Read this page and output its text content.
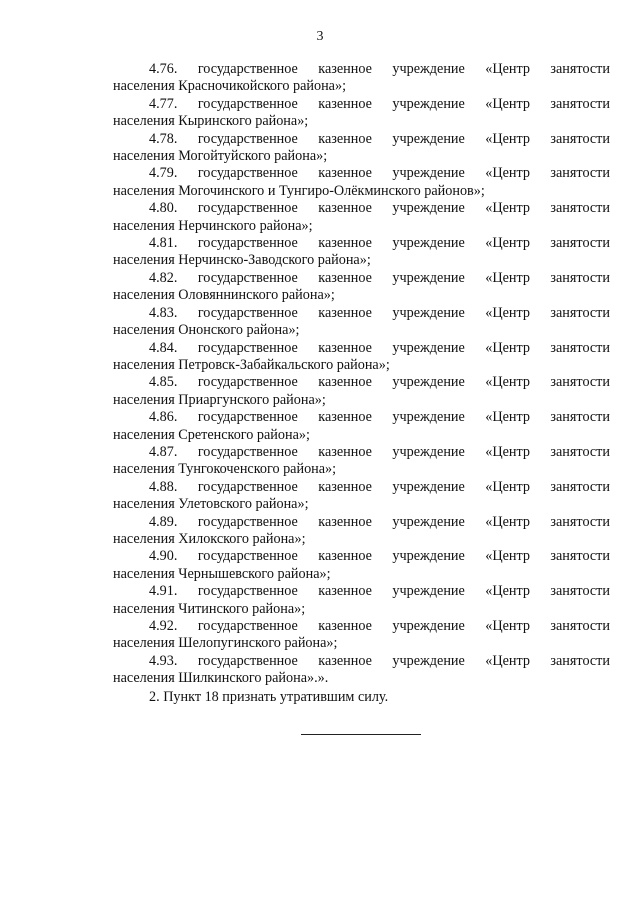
3
4.76. государственное казенное учреждение «Центр занятости
населения Красночикойского района»;
4.77. государственное казенное учреждение «Центр занятости
населения Кыринского района»;
4.78. государственное казенное учреждение «Центр занятости
населения Могойтуйского района»;
4.79. государственное казенное учреждение «Центр занятости
населения Могочинского и Тунгиро-Олёкминского районов»;
4.80. государственное казенное учреждение «Центр занятости
населения Нерчинского района»;
4.81. государственное казенное учреждение «Центр занятости
населения Нерчинско-Заводского района»;
4.82. государственное казенное учреждение «Центр занятости
населения Оловяннинского района»;
4.83. государственное казенное учреждение «Центр занятости
населения Ононского района»;
4.84. государственное казенное учреждение «Центр занятости
населения Петровск-Забайкальского района»;
4.85. государственное казенное учреждение «Центр занятости
населения Приаргунского района»;
4.86. государственное казенное учреждение «Центр занятости
населения Сретенского района»;
4.87. государственное казенное учреждение «Центр занятости
населения Тунгокоченского района»;
4.88. государственное казенное учреждение «Центр занятости
населения Улетовского района»;
4.89. государственное казенное учреждение «Центр занятости
населения Хилокского района»;
4.90. государственное казенное учреждение «Центр занятости
населения Чернышевского района»;
4.91. государственное казенное учреждение «Центр занятости
населения Читинского района»;
4.92. государственное казенное учреждение «Центр занятости
населения Шелопугинского района»;
4.93. государственное казенное учреждение «Центр занятости
населения Шилкинского района».».
2. Пункт 18 признать утратившим силу.
